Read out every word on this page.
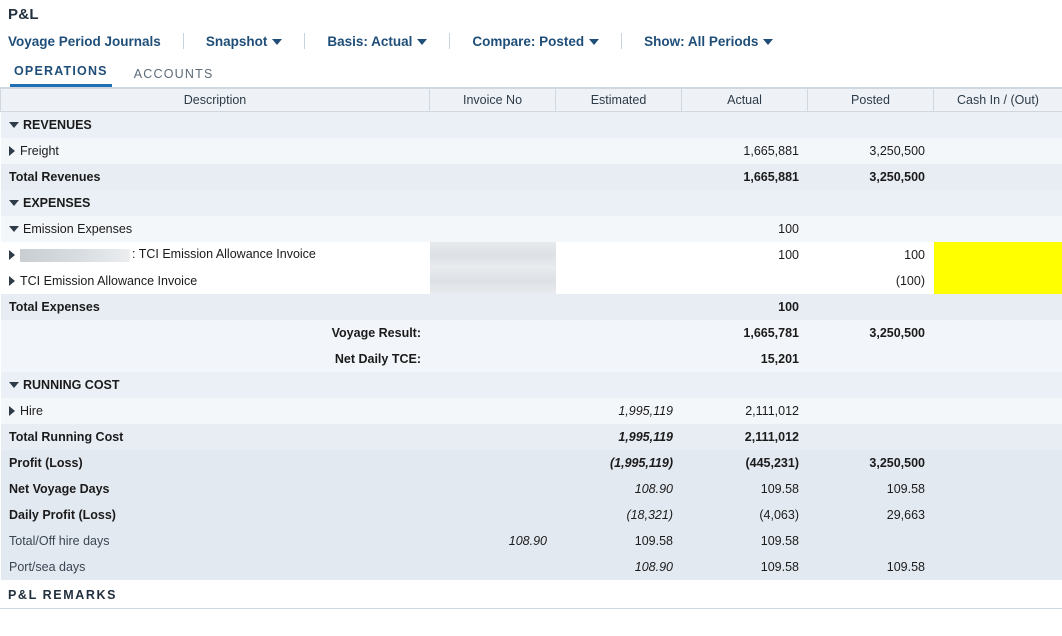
P&L
Voyage Period Journals	Snapshot	Basis: Actual	Compare: Posted	Show: All Periods
OPERATIONS	ACCOUNTS
Description	Invoice No	Estimated	Actual	Posted	Cash In / (Out)
REVENUES					
Freight			1,665,881	3,250,500	
Total Revenues			1,665,881	3,250,500	
EXPENSES					
Emission Expenses			100		
: TCI Emission Allowance Invoice			100	100	
TCI Emission Allowance Invoice				(100)	
Total Expenses			100		
Voyage Result:			1,665,781	3,250,500	
Net Daily TCE:			15,201		
RUNNING COST					
Hire		1,995,119	2,111,012		
Total Running Cost		1,995,119	2,111,012		
Profit (Loss)		(1,995,119)	(445,231)	3,250,500	
Net Voyage Days		108.90	109.58	109.58	
Daily Profit (Loss)		(18,321)	(4,063)	29,663	
Total/Off hire days	108.90	109.58	109.58		
Port/sea days		108.90	109.58	109.58	
P&L REMARKS
